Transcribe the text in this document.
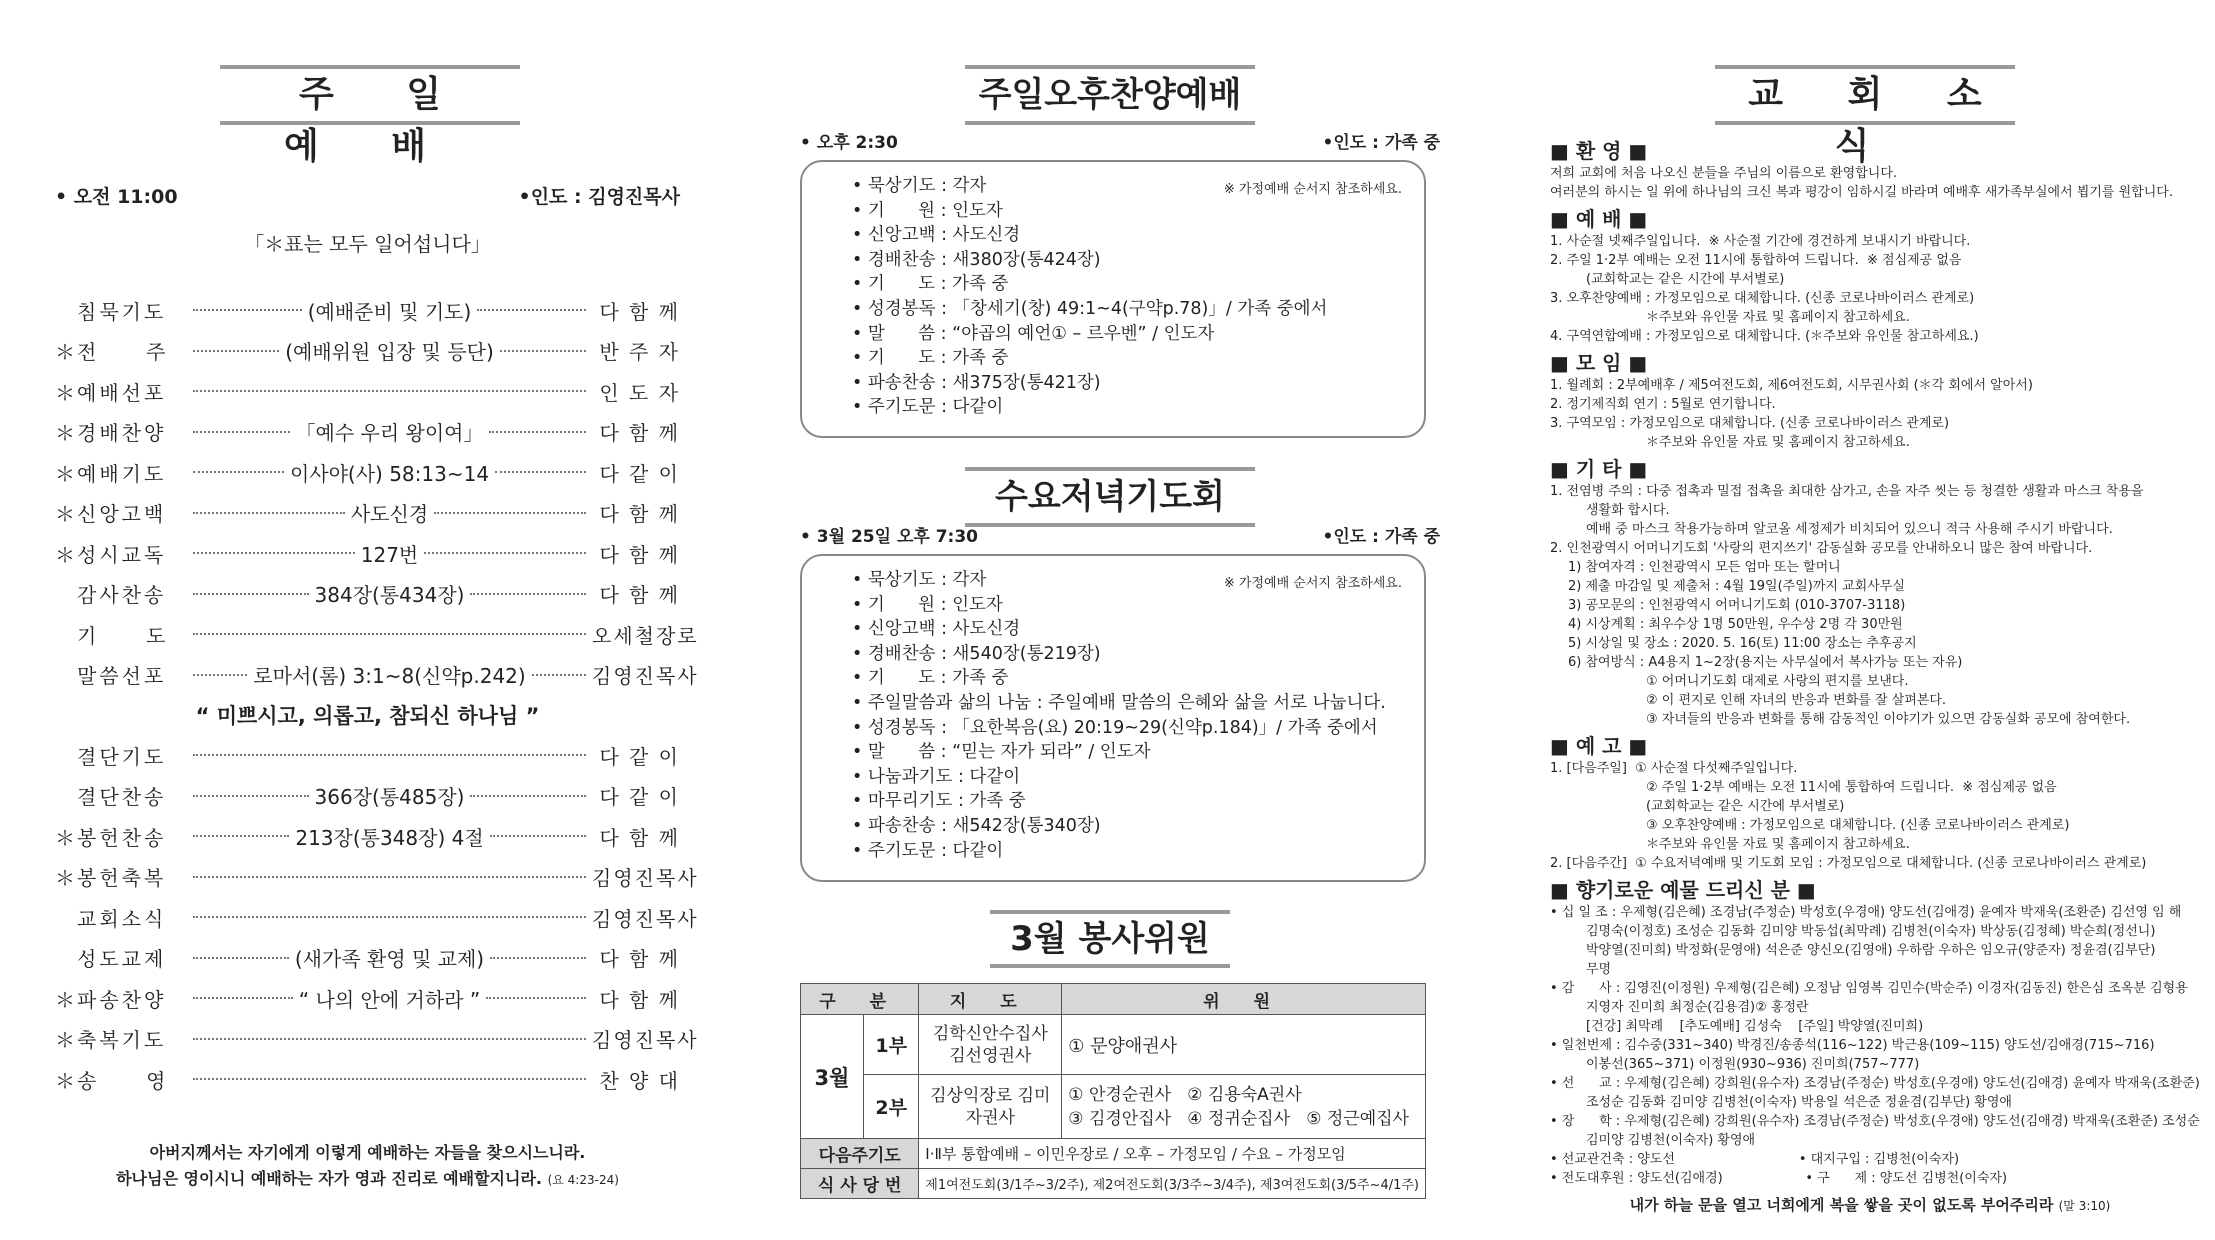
주 일 예 배
• 오전 11:00	•인도 : 김영진목사
「＊표는 모두 일어섭니다」
침묵기도	(예배준비 및 기도)	다 함 께
＊ 전     주	(예배위원 입장 및 등단)	반 주 자
＊ 예배선포	인 도 자
＊ 경배찬양	「예수 우리 왕이여」	다 함 께
＊ 예배기도	이사야(사) 58:13~14	다 같 이
＊ 신앙고백	사도신경	다 함 께
＊ 성시교독	127번	다 함 께
감사찬송	384장(통434장)	다 함 께
기     도	오세철장로
말씀선포	로마서(롬) 3:1~8(신약p.242)	김영진목사
“ 미쁘시고, 의롭고, 참되신 하나님 ”
결단기도	다 같 이
결단찬송	366장(통485장)	다 같 이
＊ 봉헌찬송	213장(통348장) 4절	다 함 께
＊ 봉헌축복	김영진목사
교회소식	김영진목사
성도교제	(새가족 환영 및 교제)	다 함 께
＊ 파송찬양	“ 나의 안에 거하라 ”	다 함 께
＊ 축복기도	김영진목사
＊ 송     영	찬 양 대
아버지께서는 자기에게 이렇게 예배하는 자들을 찾으시느니라.
하나님은 영이시니 예배하는 자가 영과 진리로 예배할지니라. (요 4:23-24)
주일오후찬양예배
• 오후 2:30	•인도 : 가족 중
※ 가정예배 순서지 참조하세요.
• 묵상기도 : 각자
• 기      원 : 인도자
• 신앙고백 : 사도신경
• 경배찬송 : 새380장(통424장)
• 기      도 : 가족 중
• 성경봉독 : 「창세기(창) 49:1~4(구약p.78)」/ 가족 중에서
• 말      씀 : “야곱의 예언① – 르우벤” / 인도자
• 기      도 : 가족 중
• 파송찬송 : 새375장(통421장)
• 주기도문 : 다같이
수요저녁기도회
• 3월 25일 오후 7:30	•인도 : 가족 중
※ 가정예배 순서지 참조하세요.
• 묵상기도 : 각자
• 기      원 : 인도자
• 신앙고백 : 사도신경
• 경배찬송 : 새540장(통219장)
• 기      도 : 가족 중
• 주일말씀과 삶의 나눔 : 주일예배 말씀의 은혜와 삶을 서로 나눕니다.
• 성경봉독 : 「요한복음(요) 20:19~29(신약p.184)」/ 가족 중에서
• 말      씀 : “믿는 자가 되라” / 인도자
• 나눔과기도 : 다같이
• 마무리기도 : 가족 중
• 파송찬송 : 새542장(통340장)
• 주기도문 : 다같이
3월 봉사위원
구 분		지 도	위 원
3월	1부	김학신안수집사 김선영권사	① 문양애권사
	2부	김상익장로 김미자권사	① 안경순권사   ② 김용숙A권사
③ 김경안집사   ④ 정귀순집사   ⑤ 정근예집사

다음주기도		Ⅰ·Ⅱ부 통합예배 – 이민우장로 / 오후 – 가정모임 / 수요 – 가정모임	
식 사 당 번		제1여전도회(3/1주~3/2주), 제2여전도회(3/3주~3/4주), 제3여전도회(3/5주~4/1주)	
교 회 소 식
■ 환 영 ■

저희 교회에 처음 나오신 분들을 주님의 이름으로 환영합니다.

여러분의 하시는 일 위에 하나님의 크신 복과 평강이 임하시길 바라며 예배후 새가족부실에서 뵙기를 원합니다.

■ 예 배 ■

1. 사순절 넷째주일입니다.  ※ 사순절 기간에 경건하게 보내시기 바랍니다.

2. 주일 1·2부 예배는 오전 11시에 통합하여 드립니다.  ※ 점심제공 없음

(교회학교는 같은 시간에 부서별로)

3. 오후찬양예배 : 가정모임으로 대체합니다. (신종 코로나바이러스 관계로)

＊주보와 유인물 자료 및 홈페이지 참고하세요.

4. 구역연합예배 : 가정모임으로 대체합니다. (＊주보와 유인물 참고하세요.)

■ 모 임 ■

1. 월례회 : 2부예배후 / 제5여전도회, 제6여전도회, 시무권사회 (＊각 회에서 알아서)

2. 정기제직회 연기 : 5월로 연기합니다.

3. 구역모임 : 가정모임으로 대체합니다. (신종 코로나바이러스 관계로)

＊주보와 유인물 자료 및 홈페이지 참고하세요.

■ 기 타 ■

1. 전염병 주의 : 다중 접촉과 밀접 접촉을 최대한 삼가고, 손을 자주 씻는 등 청결한 생활과 마스크 착용을

생활화 합시다.

예배 중 마스크 착용가능하며 알코올 세정제가 비치되어 있으니 적극 사용해 주시기 바랍니다.

2. 인천광역시 어머니기도회 '사랑의 편지쓰기' 감동실화 공모를 안내하오니 많은 참여 바랍니다.

1) 참여자격 : 인천광역시 모든 엄마 또는 할머니

2) 제출 마감일 및 제출처 : 4월 19일(주일)까지 교회사무실

3) 공모문의 : 인천광역시 어머니기도회 (010-3707-3118)

4) 시상계획 : 최우수상 1명 50만원, 우수상 2명 각 30만원

5) 시상일 및 장소 : 2020. 5. 16(토) 11:00 장소는 추후공지

6) 참여방식 : A4용지 1~2장(용지는 사무실에서 복사가능 또는 자유)

① 어머니기도회 대제로 사랑의 편지를 보낸다.

② 이 편지로 인해 자녀의 반응과 변화를 잘 살펴본다.

③ 자녀들의 반응과 변화를 통해 감동적인 이야기가 있으면 감동실화 공모에 참여한다.

■ 예 고 ■

1. [다음주일]  ① 사순절 다섯째주일입니다.

② 주일 1·2부 예배는 오전 11시에 통합하여 드립니다.  ※ 점심제공 없음

(교회학교는 같은 시간에 부서별로)

③ 오후찬양예배 : 가정모임으로 대체합니다. (신종 코로나바이러스 관계로)

＊주보와 유인물 자료 및 홈페이지 참고하세요.

2. [다음주간]  ① 수요저녁예배 및 기도회 모임 : 가정모임으로 대체합니다. (신종 코로나바이러스 관계로)

■ 향기로운 예물 드리신 분 ■

• 십 일 조 : 우제형(김은혜) 조경남(주정순) 박성호(우경애) 양도선(김애경) 윤예자 박재욱(조환준) 김선영 임 해

김명숙(이정호) 조성순 김동화 김미양 박동섭(최막례) 김병천(이숙자) 박상동(김정혜) 박순희(정선니)

박양열(진미희) 박정화(문영애) 석은준 양신오(김영애) 우하람 우하은 임오규(양준자) 정윤겸(김부단)

무명

• 감      사 : 김영진(이정원) 우제형(김은혜) 오정남 임영복 김민수(박순주) 이경자(김동진) 한은심 조옥분 김형용

지영자 진미희 최정순(김용겸)② 홍정란

[건강] 최막례    [추도예배] 김성숙    [주일] 박양열(진미희)

• 일천번제 : 김수중(331~340) 박경진/송종석(116~122) 박근용(109~115) 양도선/김애경(715~716)

이봉선(365~371) 이정원(930~936) 진미희(757~777)

• 선      교 : 우제형(김은혜) 강희원(유수자) 조경남(주정순) 박성호(우경애) 양도선(김애경) 윤예자 박재욱(조환준)

조성순 김동화 김미양 김병천(이숙자) 박용일 석은준 정윤겸(김부단) 황영애

• 장      학 : 우제형(김은혜) 강희원(유수자) 조경남(주정순) 박성호(우경애) 양도선(김애경) 박재욱(조환준) 조성순

김미양 김병천(이숙자) 황영애

• 선교관건축 : 양도선                              • 대지구입 : 김병천(이숙자)

• 전도대후원 : 양도선(김애경)                    • 구      제 : 양도선 김병천(이숙자)

내가 하늘 문을 열고 너희에게 복을 쌓을 곳이 없도록 부어주리라 (말 3:10)
